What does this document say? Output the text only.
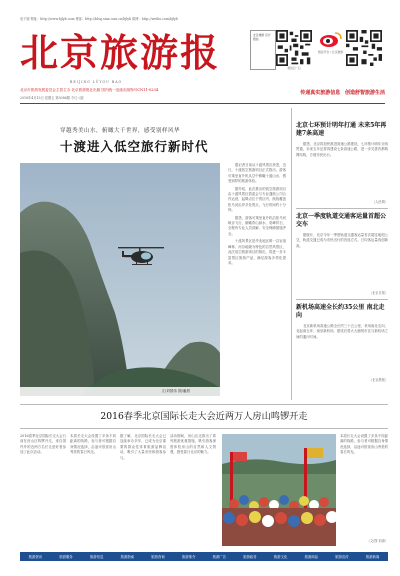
电子版·网址：http://www.bjlyb.com 博客：http://blog.sina.com.cn/bjlyb 微博：http://weibo.com/bjlyb
北 京 旅 游 报
BEIJING LÜYOU BAO
北京旅游 官方微信
微信扫一扫
微信平台 / 北京旅游
北京市旅游发展委员会主管主办 北京旅游报社出版 国内统一连续出版物号CN11-0234
2016年4月15日 星期五 第3086期 今日八版
传递真实旅游信息 创造舒智旅游生活
穿越秀美山水，俯瞰大千世界，感受别样风华
十渡进入低空旅行新时代
文/刘国伟 图/潘晨

据记者日前从十渡风景区获悉，近日，十渡低空旅游项目正式推出，游客可乘坐直升机从空中俯瞰十渡山水，感受别样的旅游体验。

据介绍，此次推出的低空旅游项目由十渡风景区管委会与专业通航公司合作运营，起降点位于景区内，航线覆盖拒马河沿岸多处景点，飞行时间约十分钟。

据悉，游客可乘坐直升机沿拒马河峡谷飞行，俯瞰青山绿水、奇峰异石，全程有专业人员讲解，安全保障措施齐全。

十渡风景区是华北地区唯一以岩溶峰林、河谷地貌为特色的自然风景区，此次低空旅游项目的推出，将进一步丰富景区旅游产品，满足游客多样化需求。

北京七环预计明年打通 未来5年再建7条高速
据悉，北京将加快推进高速公路建设，七环预计明年全线贯通，未来五年还将再建设七条高速公路，进一步完善首都路网结构，方便市民出行。
（人民网）
北京一季度轨道交通客运量首超公交车
据统计，北京今年一季度轨道交通客运量首次超过地面公交，轨道交通已成为市民出行的首选方式，日均客运量再创新高。
（北京日报）
新机场高速全长约35公里 南北走向
北京新机场高速公路全长约三十五公里，采用南北走向，北起南五环，南至新机场，建成后将大大缩短市区与新机场之间的通行时间。
（北京晨报）
2016春季北京国际长走大会近两万人房山鸣锣开走
2016春季北京国际长走大会日前在房山区鸣锣开走，来自国内外的近两万名长走爱好者参加了此次活动。
本届长走大会设置了多条不同距离的线路，参与者可根据自身情况选择，沿途可欣赏房山秀美的春日风光。
据了解，北京国际长走大会已连续举办多年，已成为北京重要的群众性体育旅游品牌活动，吸引了大量市民和游客参与。
活动期间，房山区还推出了系列旅游优惠措施，吸引游客深度体验房山的自然和人文景观，感受春日北京的魅力。
本届长走大会设置了多条不同距离的线路，参与者可根据自身情况选择，沿途可欣赏房山秀美的春日风光。
（文/图 刘涛）
旅游资讯	旅游服务	旅游信息	旅游指南	旅游咨询	旅游推介	旅游广告	旅游政务	旅游文化	旅游商品	旅游宣传	旅游新闻
